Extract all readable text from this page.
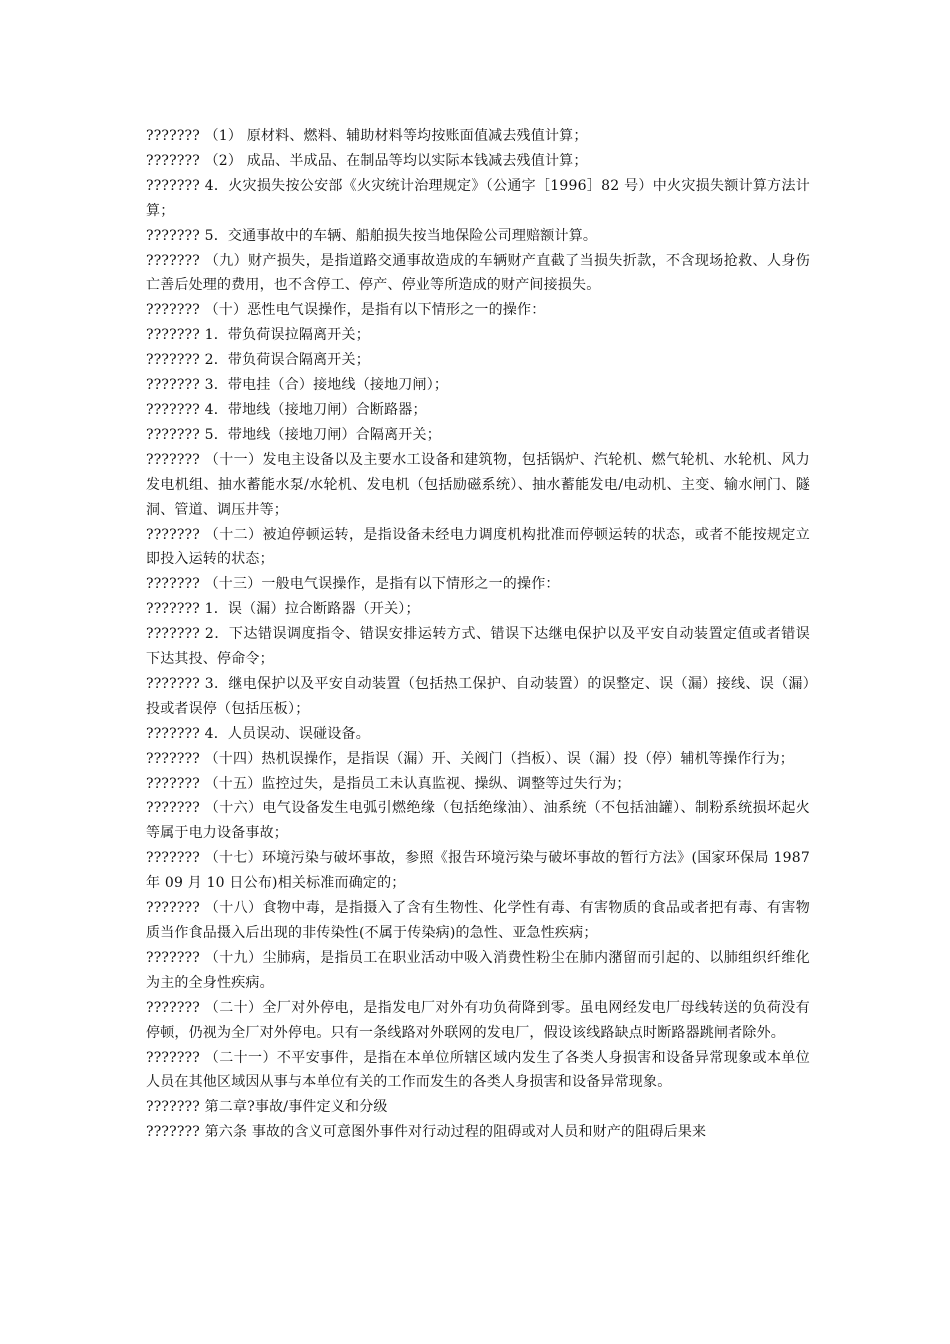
??????? （1） 原材料、燃料、辅助材料等均按账面值减去残值计算；

??????? （2） 成品、半成品、在制品等均以实际本钱减去残值计算；

??????? 4．火灾损失按公安部《火灾统计治理规定》（公通字［1996］82 号）中火灾损失额计算方法计算；

??????? 5．交通事故中的车辆、船舶损失按当地保险公司理赔额计算。

??????? （九）财产损失，是指道路交通事故造成的车辆财产直截了当损失折款，不含现场抢救、人身伤亡善后处理的费用，也不含停工、停产、停业等所造成的财产间接损失。

??????? （十）恶性电气误操作，是指有以下情形之一的操作：

??????? 1．带负荷误拉隔离开关；

??????? 2．带负荷误合隔离开关；

??????? 3．带电挂（合）接地线（接地刀闸）；

??????? 4．带地线（接地刀闸）合断路器；

??????? 5．带地线（接地刀闸）合隔离开关；

??????? （十一）发电主设备以及主要水工设备和建筑物，包括锅炉、汽轮机、燃气轮机、水轮机、风力发电机组、抽水蓄能水泵/水轮机、发电机（包括励磁系统）、抽水蓄能发电/电动机、主变、输水闸门、隧洞、管道、调压井等；

??????? （十二）被迫停顿运转，是指设备未经电力调度机构批准而停顿运转的状态，或者不能按规定立即投入运转的状态；

??????? （十三）一般电气误操作，是指有以下情形之一的操作：

??????? 1．误（漏）拉合断路器（开关）；

??????? 2．下达错误调度指令、错误安排运转方式、错误下达继电保护以及平安自动装置定值或者错误下达其投、停命令；

??????? 3．继电保护以及平安自动装置（包括热工保护、自动装置）的误整定、误（漏）接线、误（漏）投或者误停（包括压板）；

??????? 4．人员误动、误碰设备。

??????? （十四）热机误操作，是指误（漏）开、关阀门（挡板）、误（漏）投（停）辅机等操作行为；

??????? （十五）监控过失，是指员工未认真监视、操纵、调整等过失行为；

??????? （十六）电气设备发生电弧引燃绝缘（包括绝缘油）、油系统（不包括油罐）、制粉系统损坏起火等属于电力设备事故；

??????? （十七）环境污染与破坏事故，参照《报告环境污染与破坏事故的暂行方法》(国家环保局 1987 年 09 月 10 日公布)相关标准而确定的；

??????? （十八）食物中毒，是指摄入了含有生物性、化学性有毒、有害物质的食品或者把有毒、有害物质当作食品摄入后出现的非传染性(不属于传染病)的急性、亚急性疾病；

??????? （十九）尘肺病，是指员工在职业活动中吸入消费性粉尘在肺内潴留而引起的、以肺组织纤维化为主的全身性疾病。

??????? （二十）全厂对外停电，是指发电厂对外有功负荷降到零。虽电网经发电厂母线转送的负荷没有停顿，仍视为全厂对外停电。只有一条线路对外联网的发电厂，假设该线路缺点时断路器跳闸者除外。

??????? （二十一）不平安事件，是指在本单位所辖区域内发生了各类人身损害和设备异常现象或本单位人员在其他区域因从事与本单位有关的工作而发生的各类人身损害和设备异常现象。

??????? 第二章?事故/事件定义和分级

??????? 第六条 事故的含义可意图外事件对行动过程的阻碍或对人员和财产的阻碍后果来
